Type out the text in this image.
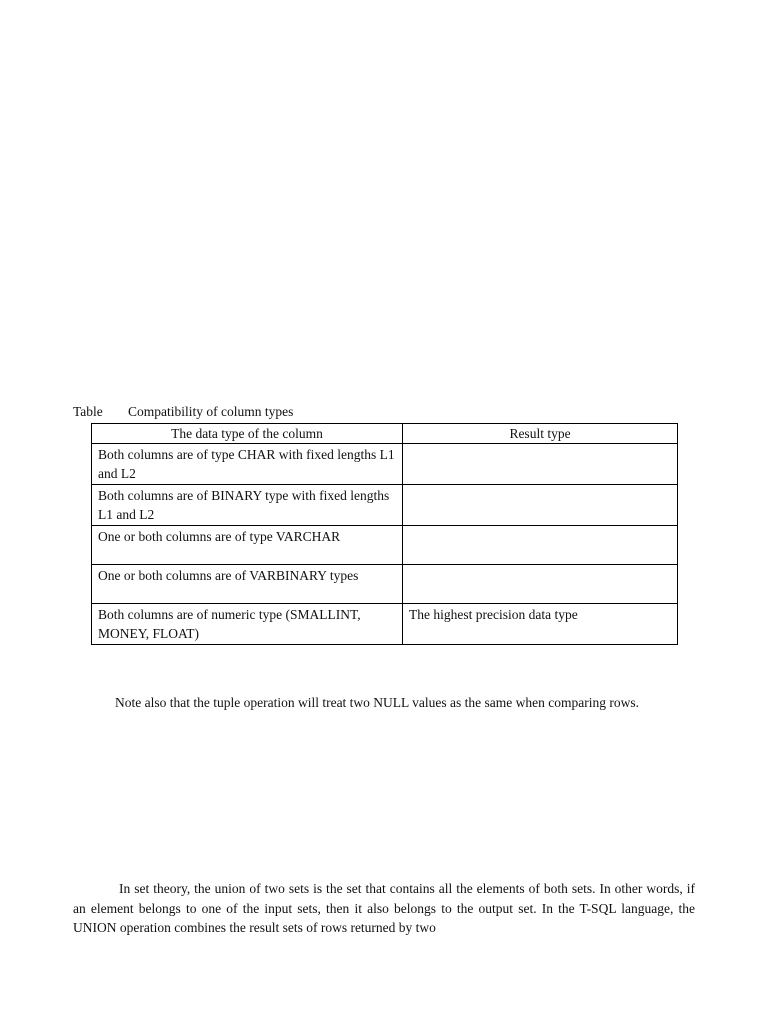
Table Compatibility of column types
The data type of the column	Result type
Both columns are of type CHAR with fixed lengths L1 and L2	
Both columns are of BINARY type with fixed lengths L1 and L2	
One or both columns are of type VARCHAR	
One or both columns are of VARBINARY types	
Both columns are of numeric type (SMALLINT, MONEY, FLOAT)	The highest precision data type

Note also that the tuple operation will treat two NULL values as the same when comparing rows.

In set theory, the union of two sets is the set that contains all the elements of both sets. In other words, if an element belongs to one of the input sets, then it also belongs to the output set. In the T-SQL language, the UNION operation combines the result sets of rows returned by two
